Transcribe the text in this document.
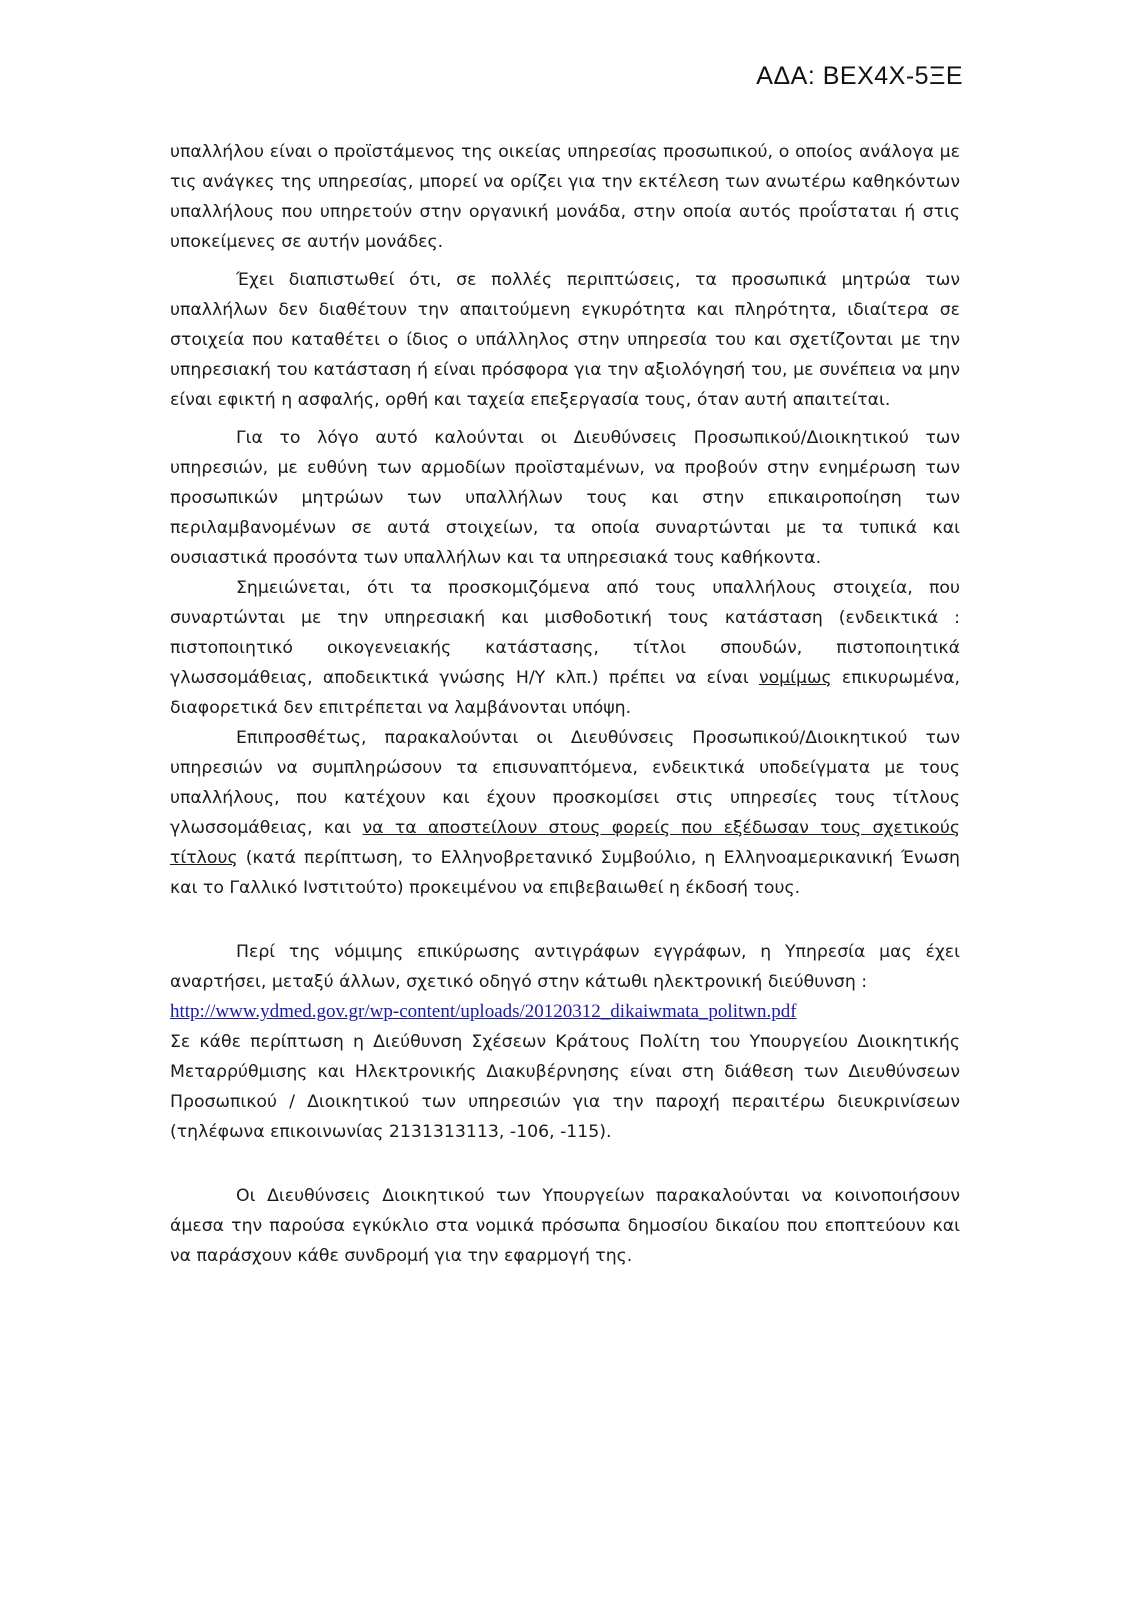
ΑΔΑ: ΒΕΧ4Χ-5ΞΕ

υπαλλήλου είναι ο προϊστάμενος της οικείας υπηρεσίας προσωπικού, ο οποίος ανάλογα με τις ανάγκες της υπηρεσίας, μπορεί να ορίζει για την εκτέλεση των ανωτέρω καθηκόντων υπαλλήλους που υπηρετούν στην οργανική μονάδα, στην οποία αυτός προΐσταται ή στις υποκείμενες σε αυτήν μονάδες.

Έχει διαπιστωθεί ότι, σε πολλές περιπτώσεις, τα προσωπικά μητρώα των υπαλλήλων δεν διαθέτουν την απαιτούμενη εγκυρότητα και πληρότητα, ιδιαίτερα σε στοιχεία που καταθέτει ο ίδιος ο υπάλληλος στην υπηρεσία του και σχετίζονται με την υπηρεσιακή του κατάσταση ή είναι πρόσφορα για την αξιολόγησή του, με συνέπεια να μην είναι εφικτή η ασφαλής, ορθή και ταχεία επεξεργασία τους, όταν αυτή απαιτείται.

Για το λόγο αυτό καλούνται οι Διευθύνσεις Προσωπικού/Διοικητικού των υπηρεσιών, με ευθύνη των αρμοδίων προϊσταμένων, να προβούν στην ενημέρωση των προσωπικών μητρώων των υπαλλήλων τους και στην επικαιροποίηση των περιλαμβανομένων σε αυτά στοιχείων, τα οποία συναρτώνται με τα τυπικά και ουσιαστικά προσόντα των υπαλλήλων και τα υπηρεσιακά τους καθήκοντα.

Σημειώνεται, ότι τα προσκομιζόμενα από τους υπαλλήλους στοιχεία, που συναρτώνται με την υπηρεσιακή και μισθοδοτική τους κατάσταση (ενδεικτικά : πιστοποιητικό οικογενειακής κατάστασης, τίτλοι σπουδών, πιστοποιητικά γλωσσομάθειας, αποδεικτικά γνώσης Η/Υ κλπ.) πρέπει να είναι νομίμως επικυρωμένα, διαφορετικά δεν επιτρέπεται να λαμβάνονται υπόψη.

Επιπροσθέτως, παρακαλούνται οι Διευθύνσεις Προσωπικού/Διοικητικού των υπηρεσιών να συμπληρώσουν τα επισυναπτόμενα, ενδεικτικά υποδείγματα με τους υπαλλήλους, που κατέχουν και έχουν προσκομίσει στις υπηρεσίες τους τίτλους γλωσσομάθειας, και να τα αποστείλουν στους φορείς που εξέδωσαν τους σχετικούς τίτλους (κατά περίπτωση, το Ελληνοβρετανικό Συμβούλιο, η Ελληνοαμερικανική Ένωση και το Γαλλικό Ινστιτούτο) προκειμένου να επιβεβαιωθεί η έκδοσή τους.

Περί της νόμιμης επικύρωσης αντιγράφων εγγράφων, η Υπηρεσία μας έχει αναρτήσει, μεταξύ άλλων, σχετικό οδηγό στην κάτωθι ηλεκτρονική διεύθυνση :

http://www.ydmed.gov.gr/wp-content/uploads/20120312_dikaiwmata_politwn.pdf

Σε κάθε περίπτωση η Διεύθυνση Σχέσεων Κράτους Πολίτη του Υπουργείου Διοικητικής Μεταρρύθμισης και Ηλεκτρονικής Διακυβέρνησης είναι στη διάθεση των Διευθύνσεων Προσωπικού / Διοικητικού των υπηρεσιών για την παροχή περαιτέρω διευκρινίσεων (τηλέφωνα επικοινωνίας 2131313113, -106, -115).

Οι Διευθύνσεις Διοικητικού των Υπουργείων παρακαλούνται να κοινοποιήσουν άμεσα την παρούσα εγκύκλιο στα νομικά πρόσωπα δημοσίου δικαίου που εποπτεύουν και να παράσχουν κάθε συνδρομή για την εφαρμογή της.
